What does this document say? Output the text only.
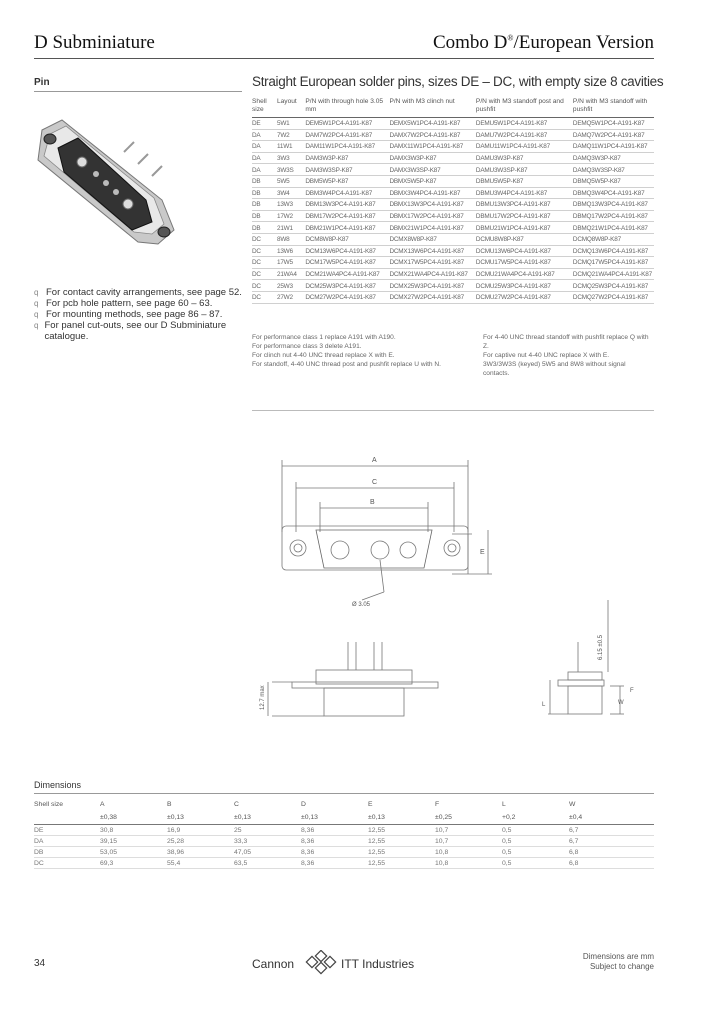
D Subminiature	Combo D®/European Version
Pin	Straight European solder pins, sizes DE – DC, with empty size 8 cavities
q For contact cavity arrangements, see page 52.
q For pcb hole pattern, see page 60 – 63.
q For mounting methods, see page 86 – 87.
q For panel cut-outs, see our D Subminiature catalogue.
Shell size	Layout	P/N with through hole 3.05 mm	P/N with M3 clinch nut	P/N with M3 standoff post and pushfit	P/N with M3 standoff with pushfit
DE	5W1	DEM5W1PC4-A191-K87	DEMX5W1PC4-A191-K87	DEMU5W1PC4-A191-K87	DEMQ5W1PC4-A191-K87
DA	7W2	DAM7W2PC4-A191-K87	DAMX7W2PC4-A191-K87	DAMU7W2PC4-A191-K87	DAMQ7W2PC4-A191-K87
DA	11W1	DAM11W1PC4-A191-K87	DAMX11W1PC4-A191-K87	DAMU11W1PC4-A191-K87	DAMQ11W1PC4-A191-K87
DA	3W3	DAM3W3P-K87	DAMX3W3P-K87	DAMU3W3P-K87	DAMQ3W3P-K87
DA	3W3S	DAM3W3SP-K87	DAMX3W3SP-K87	DAMU3W3SP-K87	DAMQ3W3SP-K87
DB	5W5	DBM5W5P-K87	DBMX5W5P-K87	DBMU5W5P-K87	DBMQ5W5P-K87
DB	3W4	DBM3W4PC4-A191-K87	DBMX3W4PC4-A191-K87	DBMU3W4PC4-A191-K87	DBMQ3W4PC4-A191-K87
DB	13W3	DBM13W3PC4-A191-K87	DBMX13W3PC4-A191-K87	DBMU13W3PC4-A191-K87	DBMQ13W3PC4-A191-K87
DB	17W2	DBM17W2PC4-A191-K87	DBMX17W2PC4-A191-K87	DBMU17W2PC4-A191-K87	DBMQ17W2PC4-A191-K87
DB	21W1	DBM21W1PC4-A191-K87	DBMX21W1PC4-A191-K87	DBMU21W1PC4-A191-K87	DBMQ21W1PC4-A191-K87
DC	8W8	DCM8W8P-K87	DCMX8W8P-K87	DCMU8W8P-K87	DCMQ8W8P-K87
DC	13W6	DCM13W6PC4-A191-K87	DCMX13W6PC4-A191-K87	DCMU13W6PC4-A191-K87	DCMQ13W6PC4-A191-K87
DC	17W5	DCM17W5PC4-A191-K87	DCMX17W5PC4-A191-K87	DCMU17W5PC4-A191-K87	DCMQ17W5PC4-A191-K87
DC	21WA4	DCM21WA4PC4-A191-K87	DCMX21WA4PC4-A191-K87	DCMU21WA4PC4-A191-K87	DCMQ21WA4PC4-A191-K87
DC	25W3	DCM25W3PC4-A191-K87	DCMX25W3PC4-A191-K87	DCMU25W3PC4-A191-K87	DCMQ25W3PC4-A191-K87
DC	27W2	DCM27W2PC4-A191-K87	DCMX27W2PC4-A191-K87	DCMU27W2PC4-A191-K87	DCMQ27W2PC4-A191-K87
For performance class 1 replace A191 with A190.
For performance class 3 delete A191.
For clinch nut 4-40 UNC thread replace X with E.
For standoff, 4-40 UNC thread post and pushfit replace U with N.
For 4-40 UNC thread standoff with pushfit replace Q with Z.
For captive nut 4-40 UNC replace X with E.
3W3/3W3S (keyed) 5W5 and 8W8 without signal contacts.
A
C
B
E
Ø 3.05
6.15 ±0.5
12.7 max	L
F
W
Dimensions
Shell size	A	B	C	D	E	F	L	W
	±0,38	±0,13	±0,13	±0,13	±0,13	±0,25	+0,2	±0,4
DE	30,8	16,9	25	8,36	12,55	10,7	0,5	6,7
DA	39,15	25,28	33,3	8,36	12,55	10,7	0,5	6,7
DB	53,05	38,96	47,05	8,36	12,55	10,8	0,5	6,8
DC	69,3	55,4	63,5	8,36	12,55	10,8	0,5	6,8
34	Cannon	ITT Industries
Dimensions are mm
Subject to change
